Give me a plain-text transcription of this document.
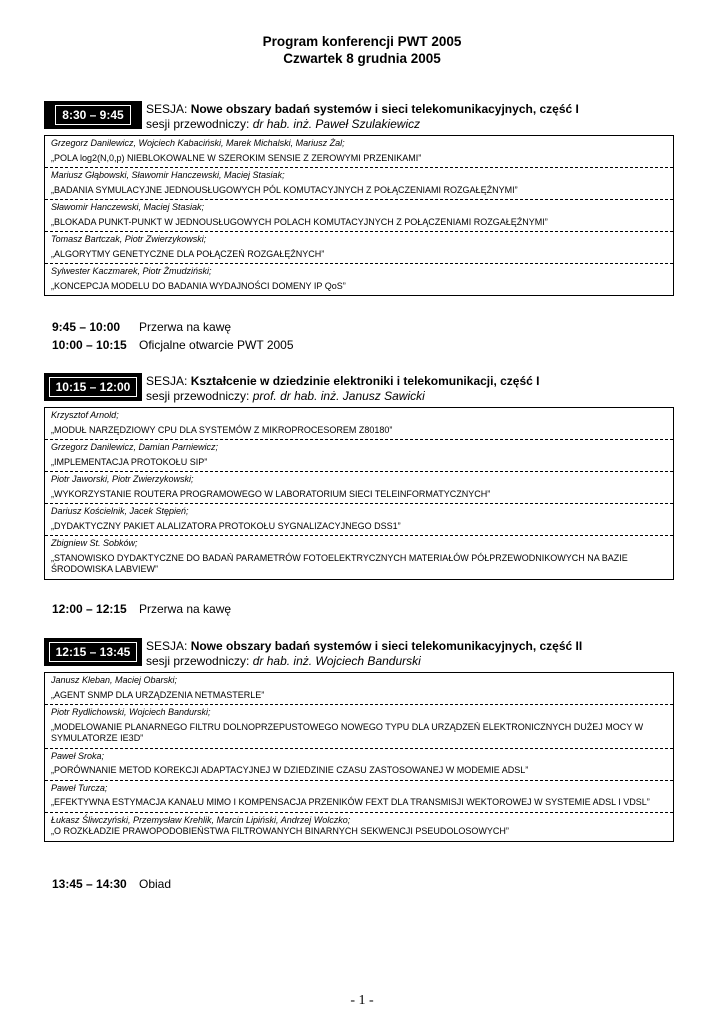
Program konferencji PWT 2005
Czwartek 8 grudnia 2005
8:30 – 9:45	SESJA: Nowe obszary badań systemów i sieci telekomunikacyjnych, część I
sesji przewodniczy: dr hab. inż. Paweł Szulakiewicz
Grzegorz Danilewicz, Wojciech Kabaciński, Marek Michalski, Mariusz Żal;
„POLA log2(N,0,p) NIEBLOKOWALNE W SZEROKIM SENSIE Z ZEROWYMI PRZENIKAMI”
Mariusz Głąbowski, Sławomir Hanczewski, Maciej Stasiak;
„BADANIA SYMULACYJNE JEDNOUSŁUGOWYCH PÓL KOMUTACYJNYCH Z POŁĄCZENIAMI ROZGAŁĘŹNYMI”
Sławomir Hanczewski, Maciej Stasiak;
„BLOKADA PUNKT-PUNKT W JEDNOUSŁUGOWYCH POLACH KOMUTACYJNYCH Z POŁĄCZENIAMI ROZGAŁĘŹNYMI”
Tomasz Bartczak, Piotr Zwierzykowski;
„ALGORYTMY GENETYCZNE DLA POŁĄCZEŃ ROZGAŁĘŹNYCH”
Sylwester Kaczmarek, Piotr Żmudziński;
„KONCEPCJA MODELU DO BADANIA WYDAJNOŚCI DOMENY IP QoS”
9:45 – 10:00 Przerwa na kawę
10:00 – 10:15 Oficjalne otwarcie PWT 2005
10:15 – 12:00	SESJA: Kształcenie w dziedzinie elektroniki i telekomunikacji, część I
sesji przewodniczy: prof. dr hab. inż. Janusz Sawicki
Krzysztof Arnold;
„MODUŁ NARZĘDZIOWY CPU DLA SYSTEMÓW Z MIKROPROCESOREM Z80180”
Grzegorz Danilewicz, Damian Parniewicz;
„IMPLEMENTACJA PROTOKOŁU SIP”
Piotr Jaworski, Piotr Zwierzykowski;
„WYKORZYSTANIE ROUTERA PROGRAMOWEGO W LABORATORIUM SIECI TELEINFORMATYCZNYCH”
Dariusz Kościelnik, Jacek Stępień;
„DYDAKTYCZNY PAKIET ALALIZATORA PROTOKOŁU SYGNALIZACYJNEGO DSS1”
Zbigniew St. Sobków;
„STANOWISKO DYDAKTYCZNE DO BADAŃ PARAMETRÓW FOTOELEKTRYCZNYCH MATERIAŁÓW PÓŁPRZEWODNIKOWYCH NA BAZIE ŚRODOWISKA LABVIEW”
12:00 – 12:15 Przerwa na kawę
12:15 – 13:45	SESJA: Nowe obszary badań systemów i sieci telekomunikacyjnych, część II
sesji przewodniczy: dr hab. inż. Wojciech Bandurski
Janusz Kleban, Maciej Obarski;
„AGENT SNMP DLA URZĄDZENIA NETMASTERLE”
Piotr Rydlichowski, Wojciech Bandurski;
„MODELOWANIE PLANARNEGO FILTRU DOLNOPRZEPUSTOWEGO NOWEGO TYPU DLA URZĄDZEŃ ELEKTRONICZNYCH DUŻEJ MOCY W SYMULATORZE IE3D”
Paweł Sroka;
„PORÓWNANIE METOD KOREKCJI ADAPTACYJNEJ W DZIEDZINIE CZASU ZASTOSOWANEJ W MODEMIE ADSL”
Paweł Turcza;
„EFEKTYWNA ESTYMACJA KANAŁU MIMO I KOMPENSACJA PRZENIKÓW FEXT DLA TRANSMISJI WEKTOROWEJ W SYSTEMIE ADSL I VDSL”
Łukasz Śliwczyński, Przemysław Krehlik, Marcin Lipiński, Andrzej Wolczko;
„O ROZKŁADZIE PRAWOPODOBIEŃSTWA FILTROWANYCH BINARNYCH SEKWENCJI PSEUDOLOSOWYCH”
13:45 – 14:30 Obiad
- 1 -
